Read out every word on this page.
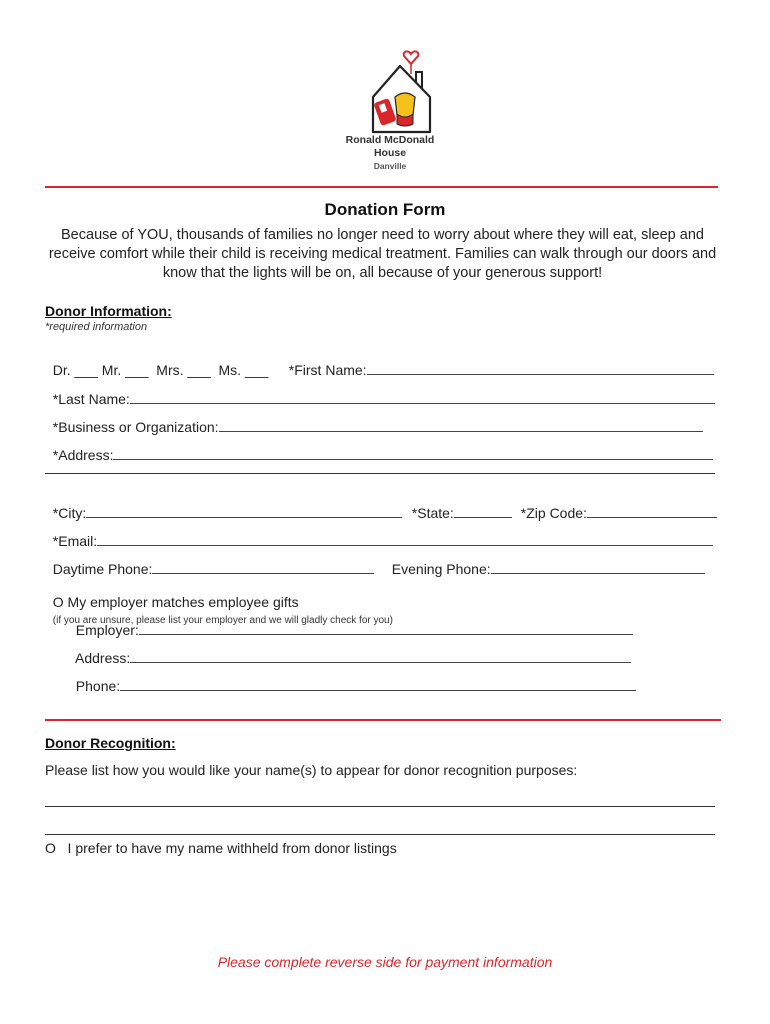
Ronald McDonald
House
Danville
Donation Form
Because of YOU, thousands of families no longer need to worry about where they will eat, sleep and receive comfort while their child is receiving medical treatment. Families can walk through our doors and know that the lights will be on, all because of your generous support!
Donor Information:
*required information

Dr. ___ Mr. ___  Mrs. ___  Ms. ___	*First Name:

*Last Name:

*Business or Organization:

*Address:

*City:	*State:	*Zip Code:

*Email:

Daytime Phone:	Evening Phone:

O My employer matches employee gifts
(if you are unsure, please list your employer and we will gladly check for you)

Employer:

Address:

Phone:

Donor Recognition:
Please list how you would like your name(s) to appear for donor recognition purposes:
O   I prefer to have my name withheld from donor listings
Please complete reverse side for payment information
